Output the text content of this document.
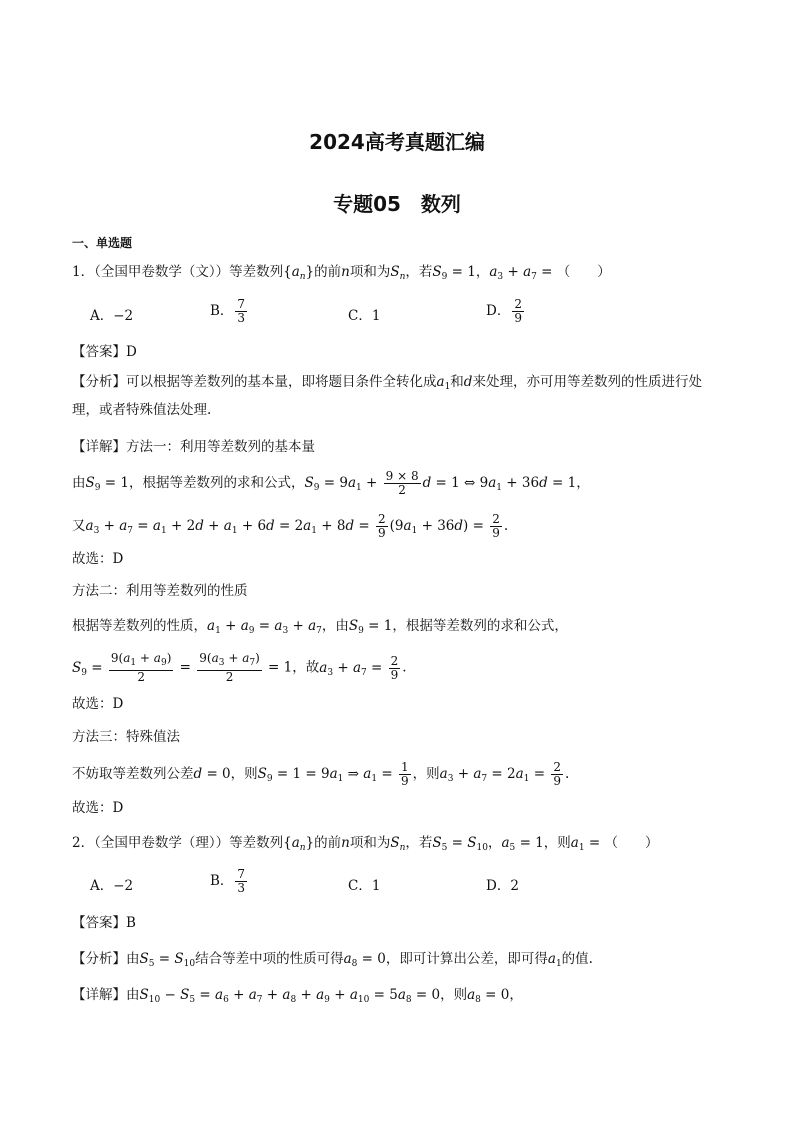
2024高考真题汇编
专题05　数列
一、单选题
1．（全国甲卷数学（文））等差数列$\{a_n\}$的前n项和为$S_n$，若$S_9 = 1$，$a_3 + a_7$ = （　　）
A．−2	B． $\frac{7}{3}$	C．1	D． $\frac{2}{9}$
【答案】D
【分析】可以根据等差数列的基本量，即将题目条件全转化成$a_1$和d来处理，亦可用等差数列的性质进行处
理，或者特殊值法处理.
【详解】方法一：利用等差数列的基本量
由$S_9 = 1$，根据等差数列的求和公式，$S_9 = 9a_1 + \frac{9 \times 8}{2}$ d = 1 ⇔ $9a_1 + 36d = 1$，
又$a_3 + a_7 = a_1 + 2d + a_1 + 6d = 2a_1 + 8d = \frac{2}{9} (9a_1 + 36d) = \frac{2}{9}$ .
故选：D
方法二：利用等差数列的性质
根据等差数列的性质，$a_1 + a_9 = a_3 + a_7$，由$S_9 = 1$，根据等差数列的求和公式，
$S_9 = \frac{9(a_1 + a_9)}{2} = \frac{9(a_3 + a_7)}{2} = 1$，故$a_3 + a_7 = \frac{2}{9}$ .
故选：D
方法三：特殊值法
不妨取等差数列公差d = 0，则$S_9 = 1 = 9a_1$ ⇒ $a_1 = \frac{1}{9}$ ，则$a_3 + a_7 = 2a_1 = \frac{2}{9}$ .
故选：D
2．（全国甲卷数学（理））等差数列$\{a_n\}$的前n项和为$S_n$，若$S_5 = S_{10}$，$a_5 = 1$，则$a_1$ = （　　）
A．−2	B． $\frac{7}{3}$	C．1	D．2
【答案】B
【分析】由$S_5 = S_{10}$结合等差中项的性质可得$a_8 = 0$，即可计算出公差，即可得$a_1$的值.
【详解】由$S_{10} - S_5 = a_6 + a_7 + a_8 + a_9 + a_{10} = 5a_8 = 0$，则$a_8 = 0$，
